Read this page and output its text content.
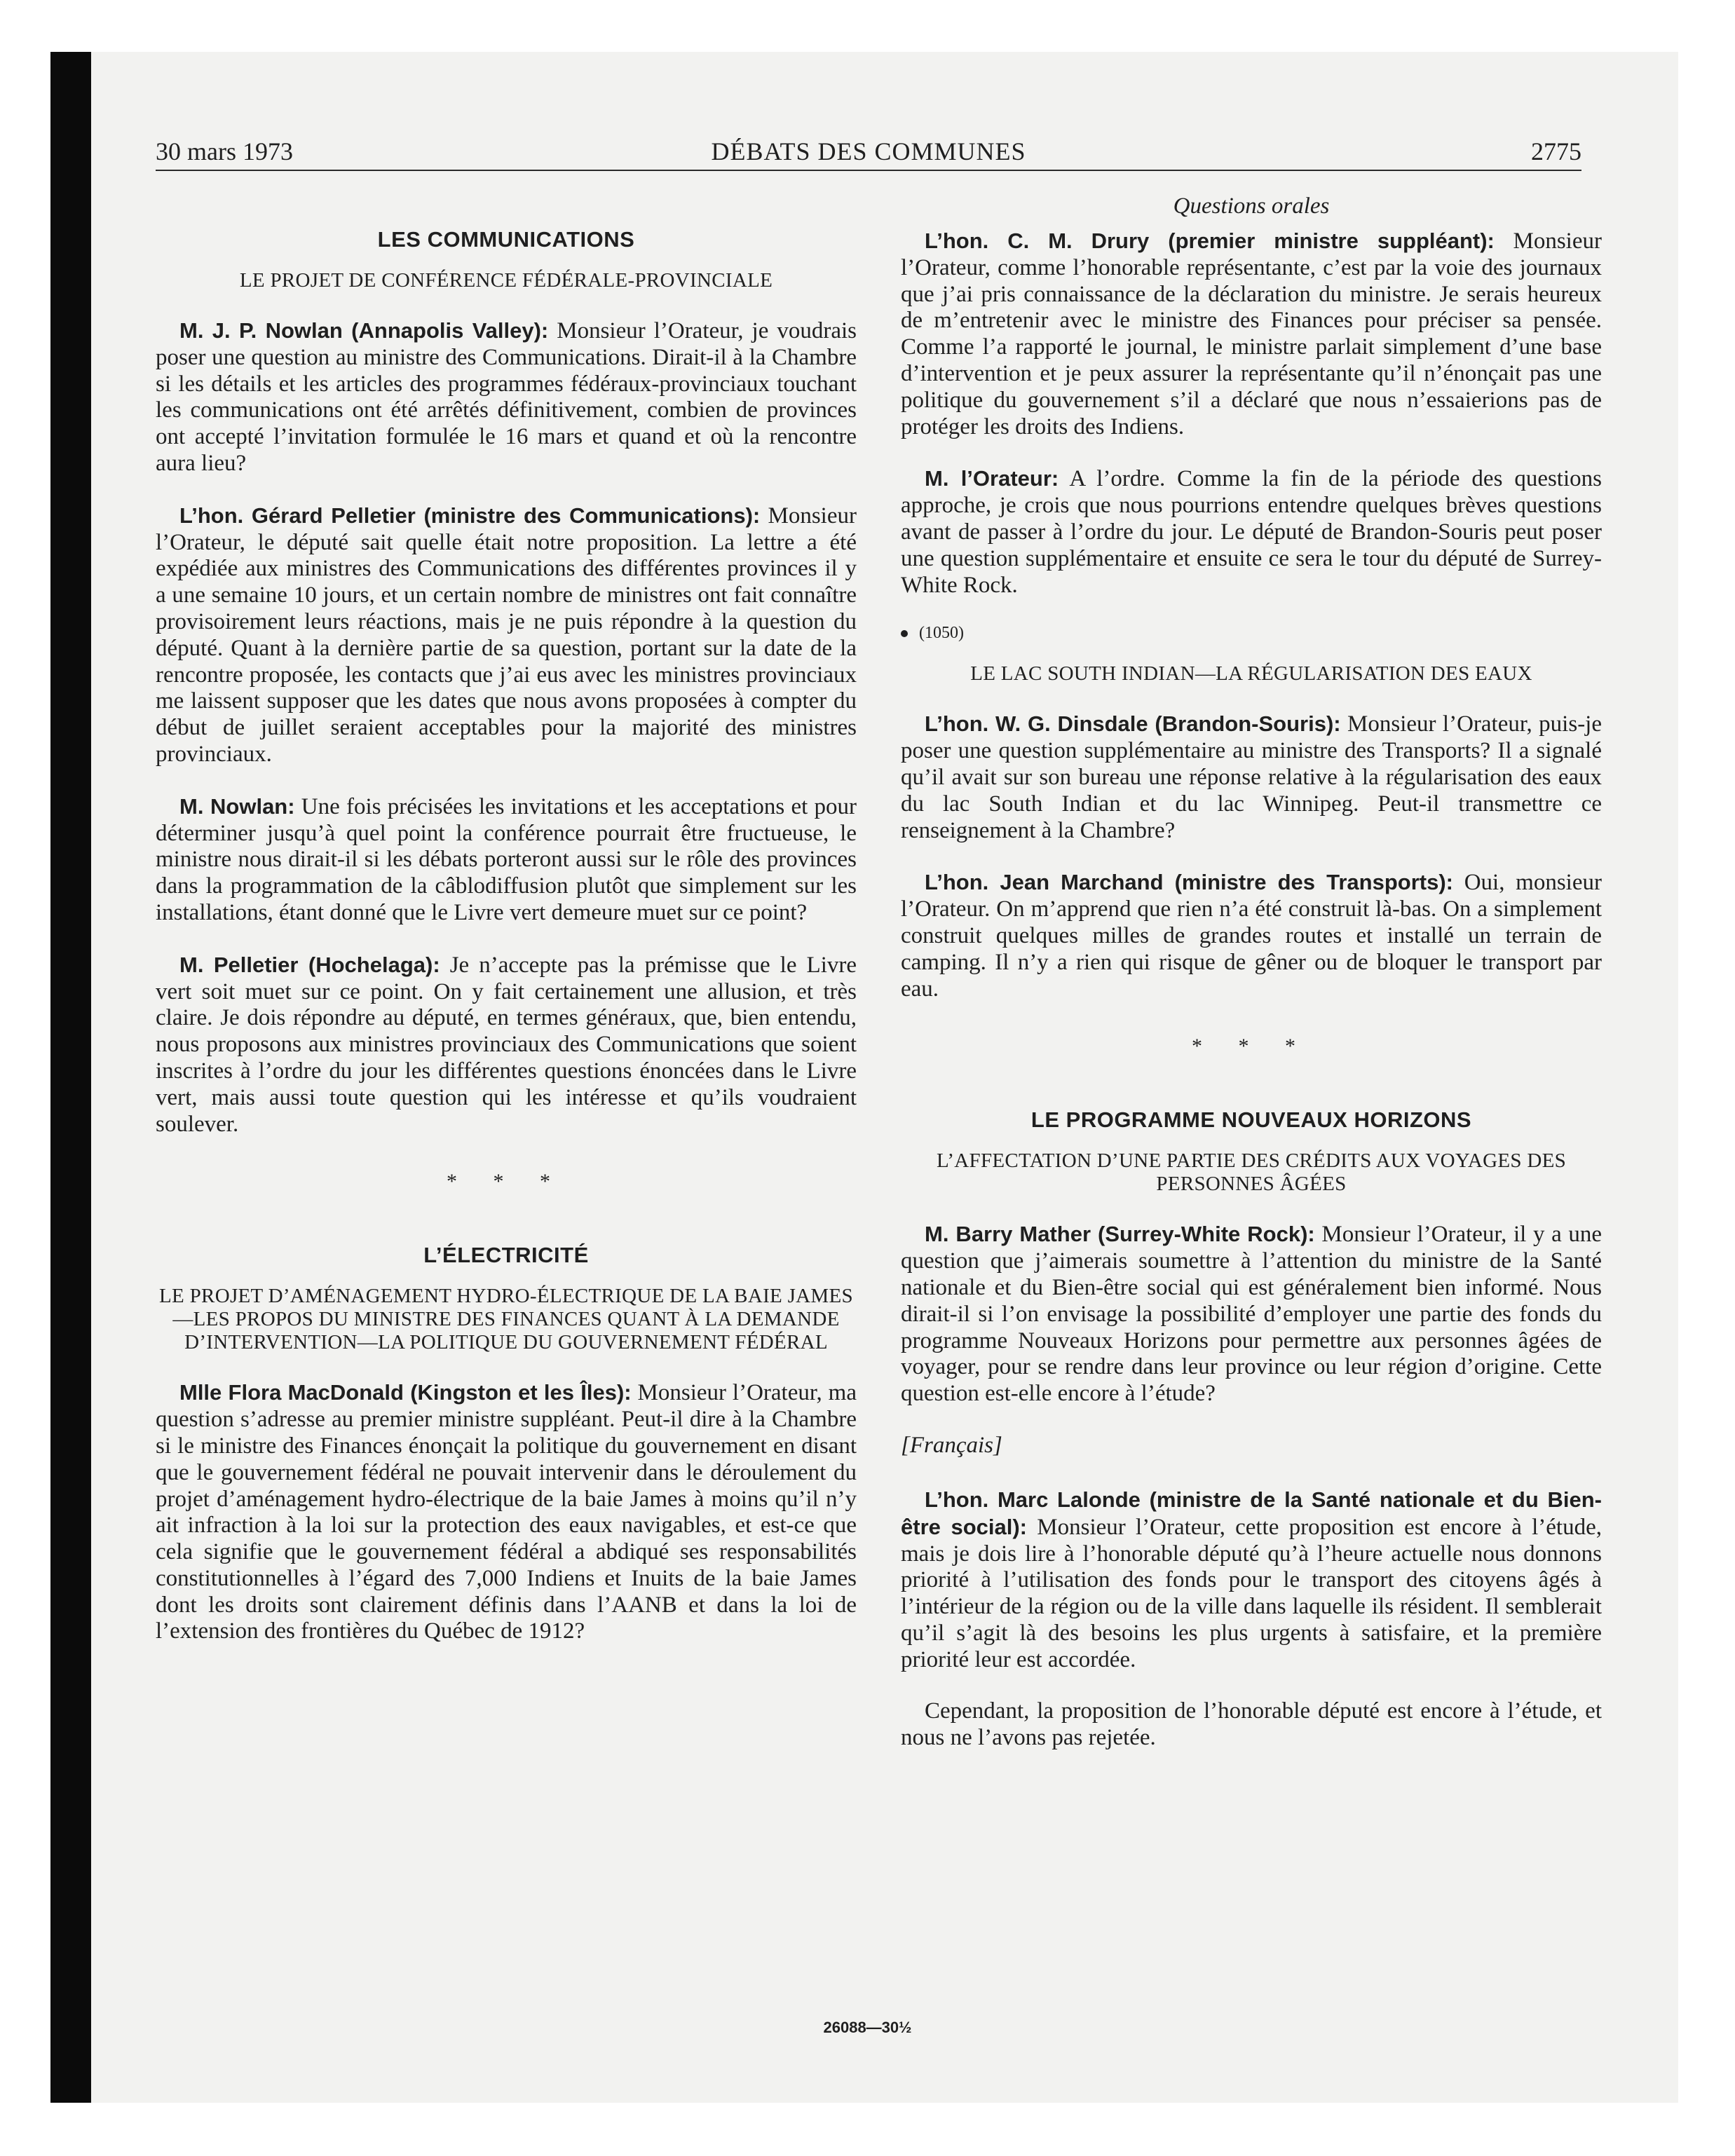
30 mars 1973	DÉBATS DES COMMUNES	2775
LES COMMUNICATIONS
LE PROJET DE CONFÉRENCE FÉDÉRALE-PROVINCIALE

M. J. P. Nowlan (Annapolis Valley): Monsieur l’Orateur, je voudrais poser une question au ministre des Communications. Dirait-il à la Chambre si les détails et les articles des programmes fédéraux-provinciaux touchant les communications ont été arrêtés définitivement, combien de provinces ont accepté l’invitation formulée le 16 mars et quand et où la rencontre aura lieu?

L’hon. Gérard Pelletier (ministre des Communications): Monsieur l’Orateur, le député sait quelle était notre proposition. La lettre a été expédiée aux ministres des Communications des différentes provinces il y a une semaine 10 jours, et un certain nombre de ministres ont fait connaître provisoirement leurs réactions, mais je ne puis répondre à la question du député. Quant à la dernière partie de sa question, portant sur la date de la rencontre proposée, les contacts que j’ai eus avec les ministres provinciaux me laissent supposer que les dates que nous avons proposées à compter du début de juillet seraient acceptables pour la majorité des ministres provinciaux.

M. Nowlan: Une fois précisées les invitations et les acceptations et pour déterminer jusqu’à quel point la conférence pourrait être fructueuse, le ministre nous dirait-il si les débats porteront aussi sur le rôle des provinces dans la programmation de la câblodiffusion plutôt que simplement sur les installations, étant donné que le Livre vert demeure muet sur ce point?

M. Pelletier (Hochelaga): Je n’accepte pas la prémisse que le Livre vert soit muet sur ce point. On y fait certainement une allusion, et très claire. Je dois répondre au député, en termes généraux, que, bien entendu, nous proposons aux ministres provinciaux des Communications que soient inscrites à l’ordre du jour les différentes questions énoncées dans le Livre vert, mais aussi toute question qui les intéresse et qu’ils voudraient soulever.

* * *
L’ÉLECTRICITÉ
LE PROJET D’AMÉNAGEMENT HYDRO-ÉLECTRIQUE DE LA BAIE JAMES—LES PROPOS DU MINISTRE DES FINANCES QUANT À LA DEMANDE D’INTERVENTION—LA POLITIQUE DU GOUVERNEMENT FÉDÉRAL

Mlle Flora MacDonald (Kingston et les Îles): Monsieur l’Orateur, ma question s’adresse au premier ministre suppléant. Peut-il dire à la Chambre si le ministre des Finances énonçait la politique du gouvernement en disant que le gouvernement fédéral ne pouvait intervenir dans le déroulement du projet d’aménagement hydro-électrique de la baie James à moins qu’il n’y ait infraction à la loi sur la protection des eaux navigables, et est-ce que cela signifie que le gouvernement fédéral a abdiqué ses responsabilités constitutionnelles à l’égard des 7,000 Indiens et Inuits de la baie James dont les droits sont clairement définis dans l’AANB et dans la loi de l’extension des frontières du Québec de 1912?

Questions orales

L’hon. C. M. Drury (premier ministre suppléant): Monsieur l’Orateur, comme l’honorable représentante, c’est par la voie des journaux que j’ai pris connaissance de la déclaration du ministre. Je serais heureux de m’entretenir avec le ministre des Finances pour préciser sa pensée. Comme l’a rapporté le journal, le ministre parlait simplement d’une base d’intervention et je peux assurer la représentante qu’il n’énonçait pas une politique du gouvernement s’il a déclaré que nous n’essaierions pas de protéger les droits des Indiens.

M. l’Orateur: A l’ordre. Comme la fin de la période des questions approche, je crois que nous pourrions entendre quelques brèves questions avant de passer à l’ordre du jour. Le député de Brandon-Souris peut poser une question supplémentaire et ensuite ce sera le tour du député de Surrey-White Rock.

(1050)
LE LAC SOUTH INDIAN—LA RÉGULARISATION DES EAUX

L’hon. W. G. Dinsdale (Brandon-Souris): Monsieur l’Orateur, puis-je poser une question supplémentaire au ministre des Transports? Il a signalé qu’il avait sur son bureau une réponse relative à la régularisation des eaux du lac South Indian et du lac Winnipeg. Peut-il transmettre ce renseignement à la Chambre?

L’hon. Jean Marchand (ministre des Transports): Oui, monsieur l’Orateur. On m’apprend que rien n’a été construit là-bas. On a simplement construit quelques milles de grandes routes et installé un terrain de camping. Il n’y a rien qui risque de gêner ou de bloquer le transport par eau.

* * *
LE PROGRAMME NOUVEAUX HORIZONS
L’AFFECTATION D’UNE PARTIE DES CRÉDITS AUX VOYAGES DES PERSONNES ÂGÉES

M. Barry Mather (Surrey-White Rock): Monsieur l’Orateur, il y a une question que j’aimerais soumettre à l’attention du ministre de la Santé nationale et du Bien-être social qui est généralement bien informé. Nous dirait-il si l’on envisage la possibilité d’employer une partie des fonds du programme Nouveaux Horizons pour permettre aux personnes âgées de voyager, pour se rendre dans leur province ou leur région d’origine. Cette question est-elle encore à l’étude?

[Français]

L’hon. Marc Lalonde (ministre de la Santé nationale et du Bien-être social): Monsieur l’Orateur, cette proposition est encore à l’étude, mais je dois lire à l’honorable député qu’à l’heure actuelle nous donnons priorité à l’utilisation des fonds pour le transport des citoyens âgés à l’intérieur de la région ou de la ville dans laquelle ils résident. Il semblerait qu’il s’agit là des besoins les plus urgents à satisfaire, et la première priorité leur est accordée.

Cependant, la proposition de l’honorable député est encore à l’étude, et nous ne l’avons pas rejetée.

26088—30½
